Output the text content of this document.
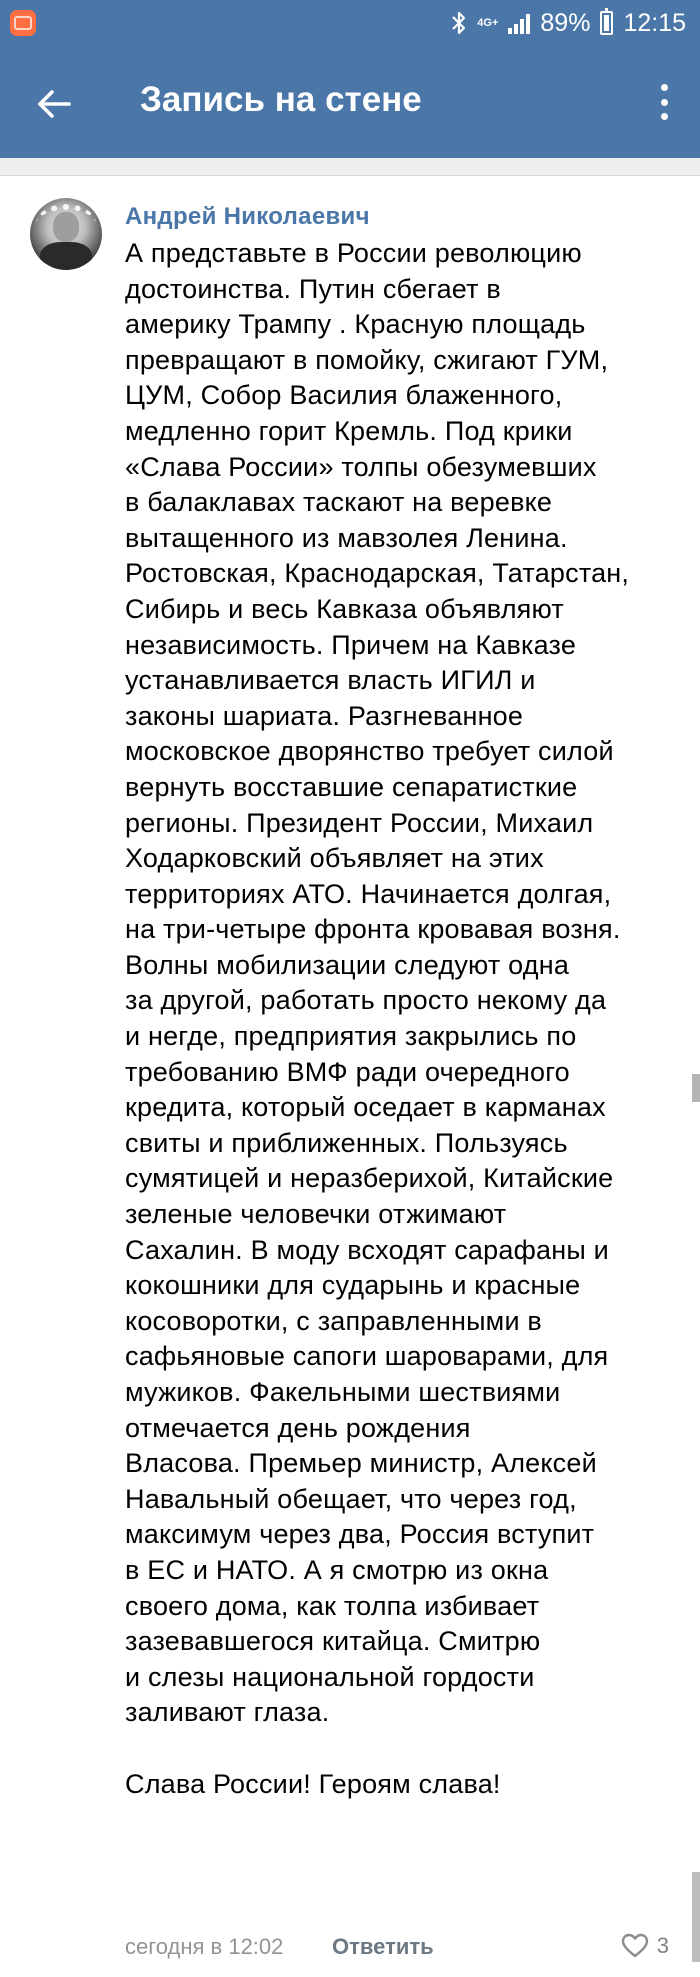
4G+ 89% 12:15
Запись на стене
Андрей Николаевич
А представьте в России революцию
достоинства. Путин сбегает в
америку Трампу . Красную площадь
превращают в помойку, сжигают ГУМ,
ЦУМ, Собор Василия блаженного,
медленно горит Кремль. Под крики
«Слава России» толпы обезумевших
в балаклавах таскают на веревке
вытащенного из мавзолея Ленина.
Ростовская, Краснодарская, Татарстан,
Сибирь и весь Кавказа объявляют
независимость. Причем на Кавказе
устанавливается власть ИГИЛ и
законы шариата. Разгневанное
московское дворянство требует силой
вернуть восставшие сепаратисткие
регионы. Президент России, Михаил
Ходарковский объявляет на этих
территориях АТО. Начинается долгая,
на три-четыре фронта кровавая возня.
Волны мобилизации следуют одна
за другой, работать просто некому да
и негде, предприятия закрылись по
требованию ВМФ ради очередного
кредита, который оседает в карманах
свиты и приближенных. Пользуясь
сумятицей и неразберихой, Китайские
зеленые человечки отжимают
Сахалин. В моду всходят сарафаны и
кокошники для сударынь и красные
косоворотки, с заправленными в
сафьяновые сапоги шароварами, для
мужиков. Факельными шествиями
отмечается день рождения
Власова. Премьер министр, Алексей
Навальный обещает, что через год,
максимум через два, Россия вступит
в ЕС и НАТО. А я смотрю из окна
своего дома, как толпа избивает
зазевавшегося китайца. Смитрю
и слезы национальной гордости
заливают глаза.
Слава России! Героям слава!
сегодня в 12:02 Ответить	3
